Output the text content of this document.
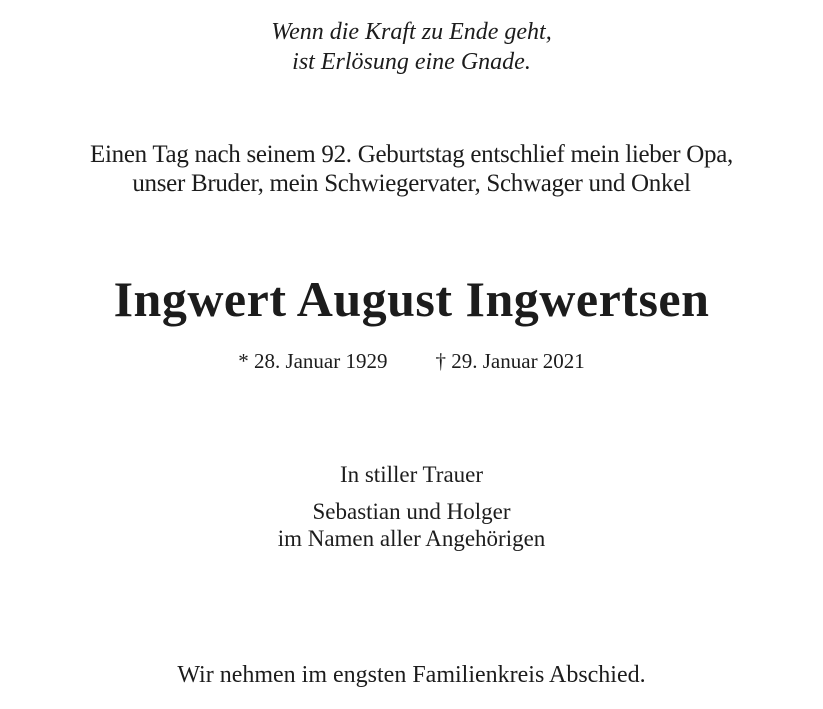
Wenn die Kraft zu Ende geht,
ist Erlösung eine Gnade.
Einen Tag nach seinem 92. Geburtstag entschlief mein lieber Opa,
unser Bruder, mein Schwiegervater, Schwager und Onkel
Ingwert August Ingwertsen
* 28. Januar 1929 † 29. Januar 2021
In stiller Trauer
Sebastian und Holger
im Namen aller Angehörigen
Wir nehmen im engsten Familienkreis Abschied.
